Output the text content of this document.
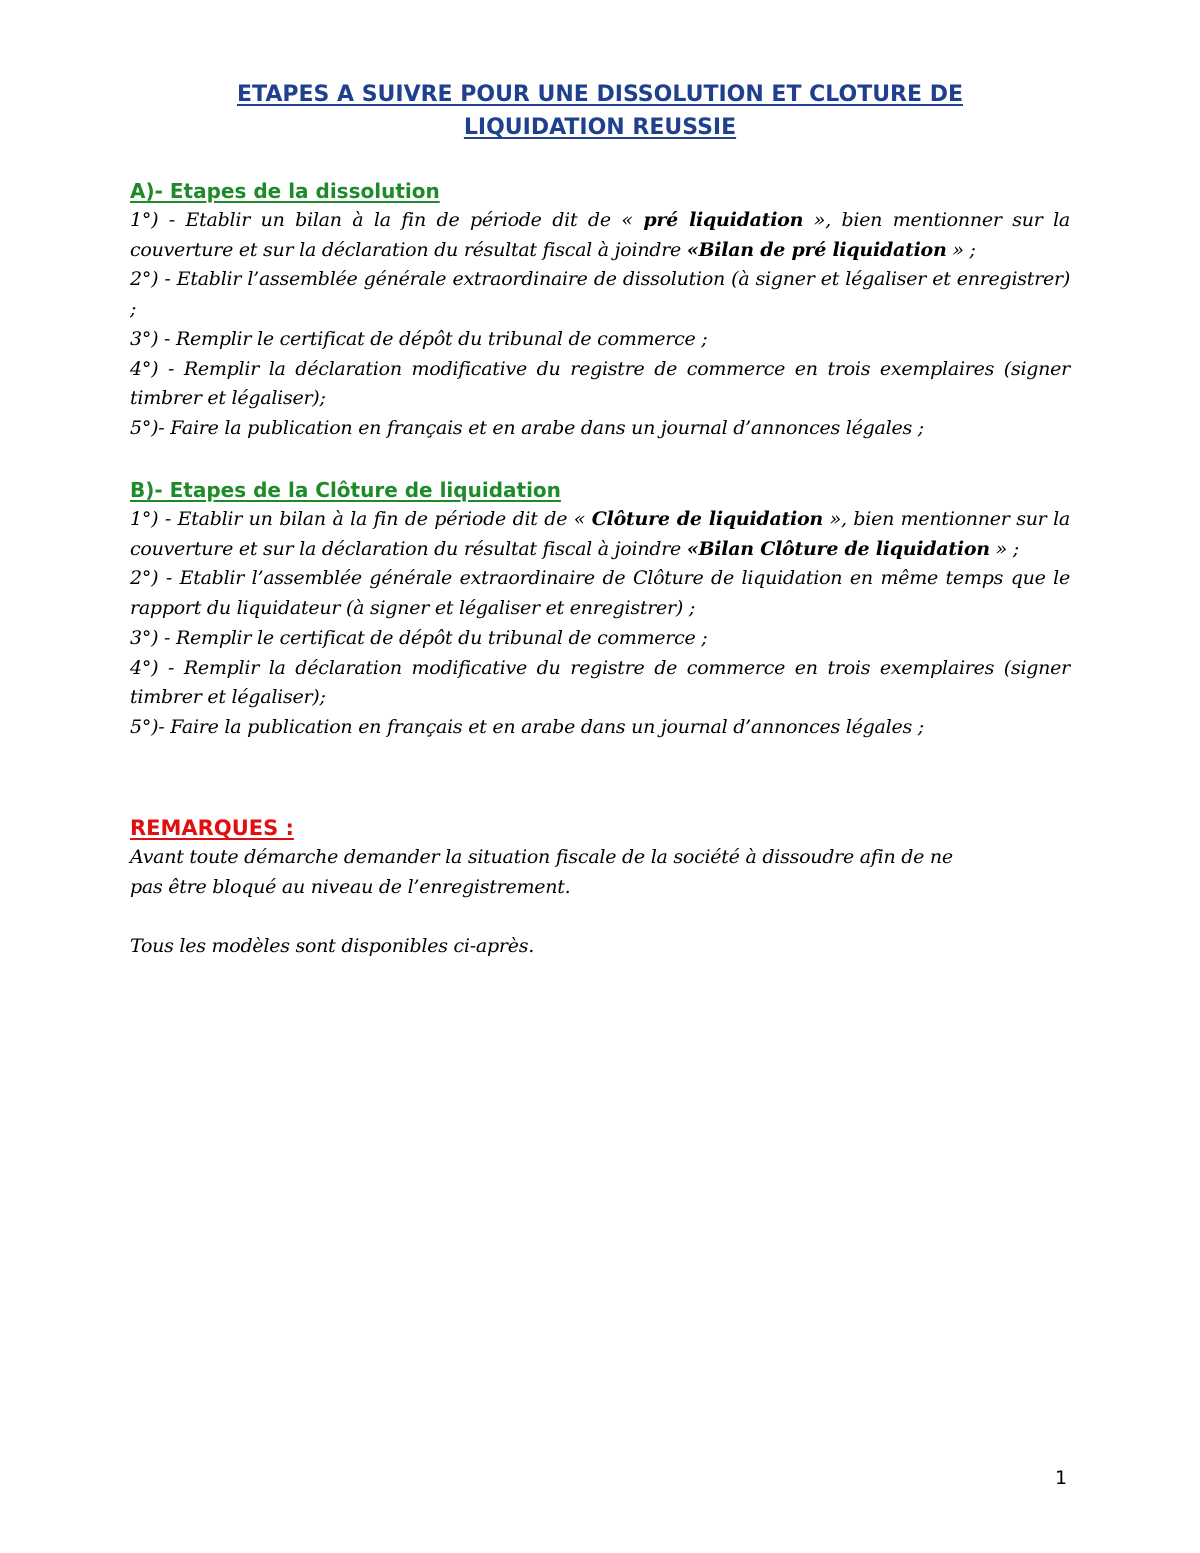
ETAPES A SUIVRE POUR UNE DISSOLUTION ET CLOTURE DE
LIQUIDATION REUSSIE
A)- Etapes de la dissolution

1°) - Etablir un bilan à la fin de période dit de « pré liquidation », bien mentionner sur la couverture et sur la déclaration du résultat fiscal à joindre «Bilan de pré liquidation » ;

2°) - Etablir l’assemblée générale extraordinaire de dissolution (à signer et légaliser et enregistrer) ;

3°) - Remplir le certificat de dépôt du tribunal de commerce ;

4°) - Remplir la déclaration modificative du registre de commerce en trois exemplaires (signer timbrer et légaliser);

5°)- Faire la publication en français et en arabe dans un journal d’annonces légales ;

B)- Etapes de la Clôture de liquidation

1°) - Etablir un bilan à la fin de période dit de « Clôture de liquidation », bien mentionner sur la couverture et sur la déclaration du résultat fiscal à joindre «Bilan Clôture de liquidation » ;

2°) - Etablir l’assemblée générale extraordinaire de Clôture de liquidation en même temps que le rapport du liquidateur (à signer et légaliser et enregistrer) ;

3°) - Remplir le certificat de dépôt du tribunal de commerce ;

4°) - Remplir la déclaration modificative du registre de commerce en trois exemplaires (signer timbrer et légaliser);

5°)- Faire la publication en français et en arabe dans un journal d’annonces légales ;

REMARQUES :

Avant toute démarche demander la situation fiscale de la société à dissoudre afin de ne

pas être bloqué au niveau de l’enregistrement.

Tous les modèles sont disponibles ci-après.

1
